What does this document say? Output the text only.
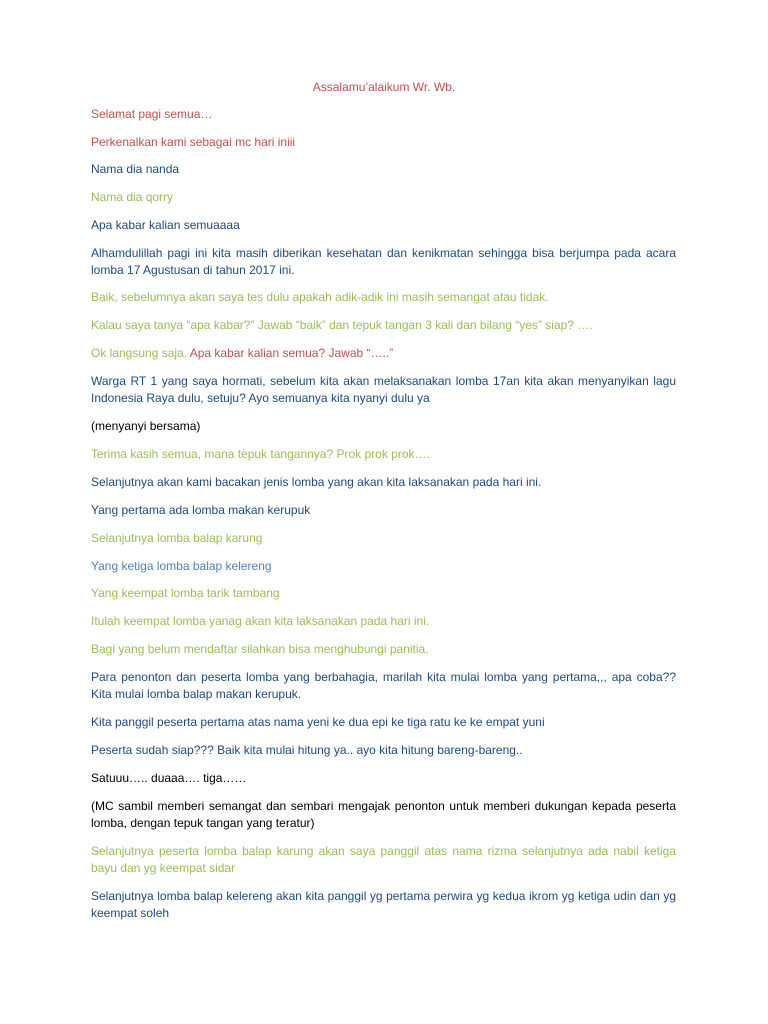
Assalamu’alaikum Wr. Wb.

Selamat pagi semua…

Perkenalkan kami sebagai mc hari iniii

Nama dia nanda

Nama dia qorry

Apa kabar kalian semuaaaa

Alhamdulillah pagi ini kita masih diberikan kesehatan dan kenikmatan sehingga bisa berjumpa pada acara lomba 17 Agustusan di tahun 2017 ini.

Baik, sebelumnya akan saya tes dulu apakah adik-adik ini masih semangat atau tidak.

Kalau saya tanya “apa kabar?” Jawab “baik” dan tepuk tangan 3 kali dan bilang “yes” siap? ….

Ok langsung saja. Apa kabar kalian semua? Jawab “…..”

Warga RT 1 yang saya hormati, sebelum kita akan melaksanakan lomba 17an kita akan menyanyikan lagu Indonesia Raya dulu, setuju? Ayo semuanya kita nyanyi dulu ya

(menyanyi bersama)

Terima kasih semua, mana tepuk tangannya? Prok prok prok….

Selanjutnya akan kami bacakan jenis lomba yang akan kita laksanakan pada hari ini.

Yang pertama ada lomba makan kerupuk

Selanjutnya lomba balap karung

Yang ketiga lomba balap kelereng

Yang keempat lomba tarik tambang

Itulah keempat lomba yanag akan kita laksanakan pada hari ini.

Bagi yang belum mendaftar silahkan bisa menghubungi panitia.

Para penonton dan peserta lomba yang berbahagia, marilah kita mulai lomba yang pertama,,, apa coba?? Kita mulai lomba balap makan kerupuk.

Kita panggil peserta pertama atas nama yeni ke dua epi ke tiga ratu ke ke empat yuni

Peserta sudah siap??? Baik kita mulai hitung ya.. ayo kita hitung bareng-bareng..

Satuuu….. duaaa…. tiga……

(MC sambil memberi semangat dan sembari mengajak penonton untuk memberi dukungan kepada peserta lomba, dengan tepuk tangan yang teratur)

Selanjutnya peserta lomba balap karung akan saya panggil atas nama rizma selanjutnya ada nabil ketiga bayu dan yg keempat sidar

Selanjutnya lomba balap kelereng akan kita panggil yg pertama perwira yg kedua ikrom yg ketiga udin dan yg keempat soleh
